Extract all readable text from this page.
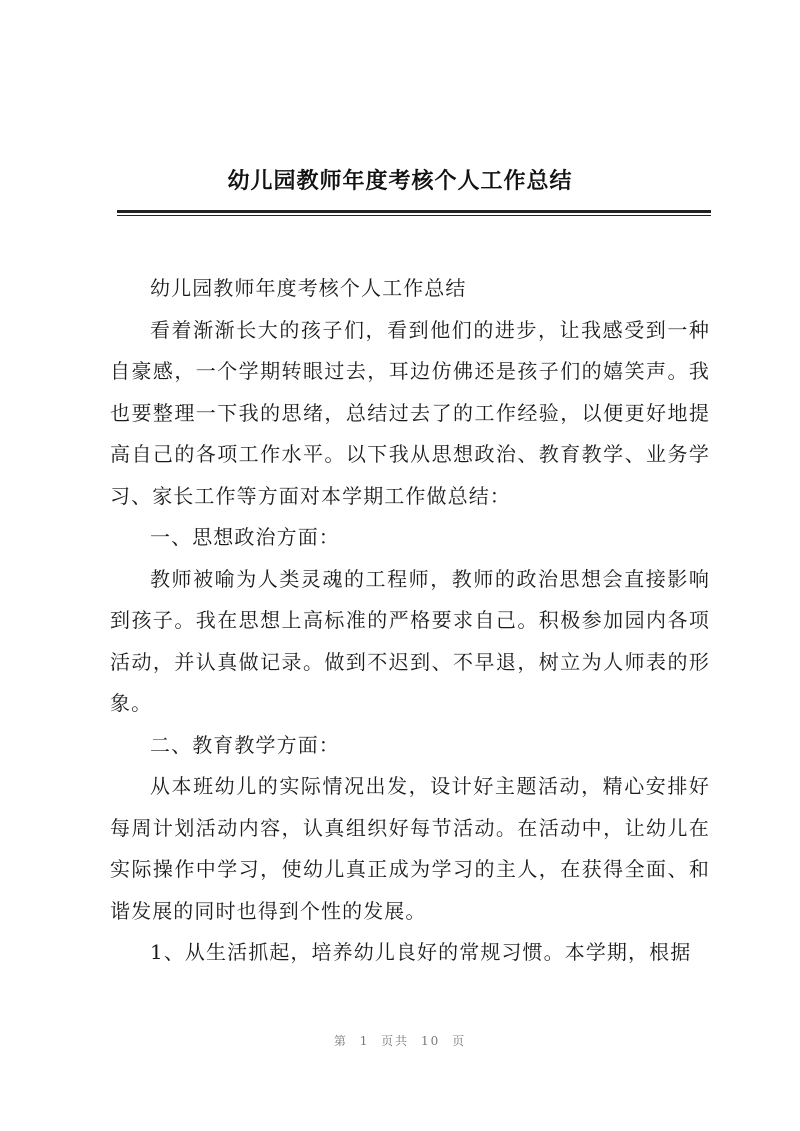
幼儿园教师年度考核个人工作总结

幼儿园教师年度考核个人工作总结

看着渐渐长大的孩子们，看到他们的进步，让我感受到一种自豪感，一个学期转眼过去，耳边仿佛还是孩子们的嬉笑声。我也要整理一下我的思绪，总结过去了的工作经验，以便更好地提高自己的各项工作水平。以下我从思想政治、教育教学、业务学习、家长工作等方面对本学期工作做总结：

一、思想政治方面：

教师被喻为人类灵魂的工程师，教师的政治思想会直接影响到孩子。我在思想上高标准的严格要求自己。积极参加园内各项活动，并认真做记录。做到不迟到、不早退，树立为人师表的形象。

二、教育教学方面：

从本班幼儿的实际情况出发，设计好主题活动，精心安排好每周计划活动内容，认真组织好每节活动。在活动中，让幼儿在实际操作中学习，使幼儿真正成为学习的主人，在获得全面、和谐发展的同时也得到个性的发展。

1、从生活抓起，培养幼儿良好的常规习惯。本学期，根据

第 1 页共 10 页
